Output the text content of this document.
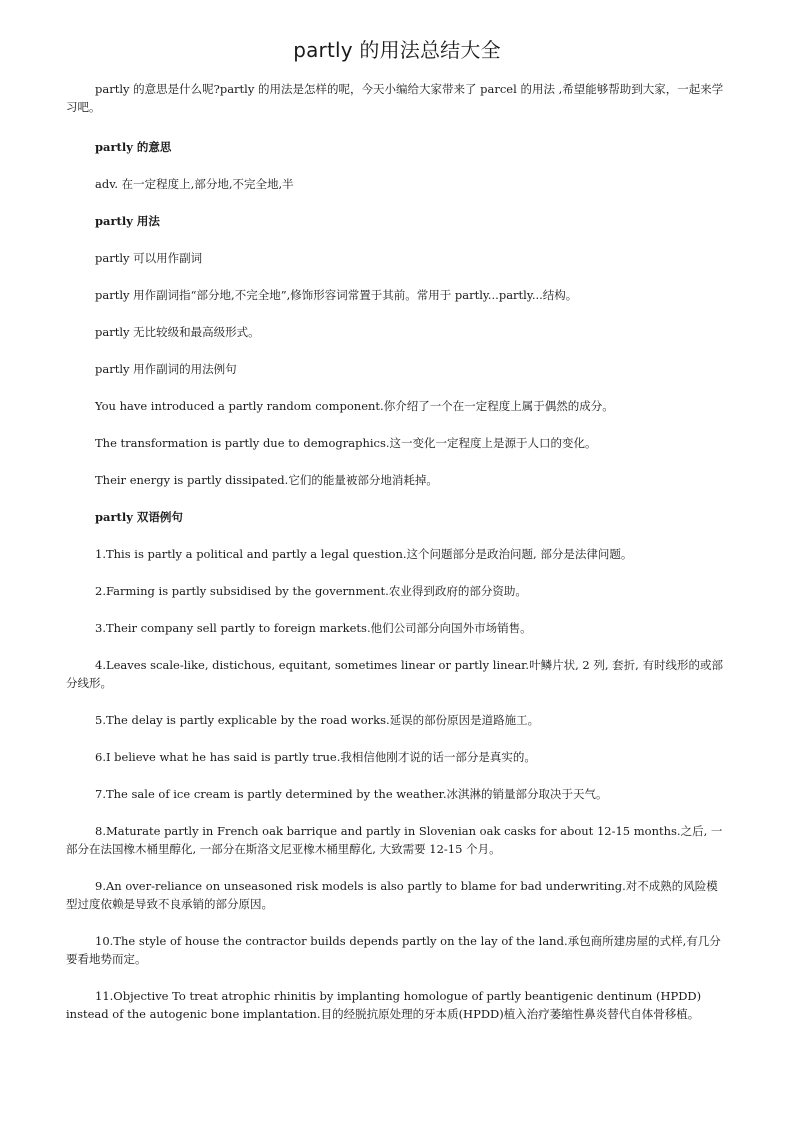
partly 的用法总结大全

partly 的意思是什么呢?partly 的用法是怎样的呢，今天小编给大家带来了 parcel 的用法 ,希望能够帮助到大家，一起来学习吧。

partly 的意思

adv. 在一定程度上,部分地,不完全地,半

partly 用法

partly 可以用作副词

partly 用作副词指“部分地,不完全地”,修饰形容词常置于其前。常用于 partly...partly...结构。

partly 无比较级和最高级形式。

partly 用作副词的用法例句

You have introduced a partly random component.你介绍了一个在一定程度上属于偶然的成分。

The transformation is partly due to demographics.这一变化一定程度上是源于人口的变化。

Their energy is partly dissipated.它们的能量被部分地消耗掉。

partly 双语例句

1.This is partly a political and partly a legal question.这个问题部分是政治问题, 部分是法律问题。

2.Farming is partly subsidised by the government.农业得到政府的部分资助。

3.Their company sell partly to foreign markets.他们公司部分向国外市场销售。

4.Leaves scale-like, distichous, equitant, sometimes linear or partly linear.叶鳞片状, 2 列, 套折, 有时线形的或部分线形。

5.The delay is partly explicable by the road works.延误的部份原因是道路施工。

6.I believe what he has said is partly true.我相信他刚才说的话一部分是真实的。

7.The sale of ice cream is partly determined by the weather.冰淇淋的销量部分取决于天气。

8.Maturate partly in French oak barrique and partly in Slovenian oak casks for about 12-15 months.之后, 一部分在法国橡木桶里醇化, 一部分在斯洛文尼亚橡木桶里醇化, 大致需要 12-15 个月。

9.An over-reliance on unseasoned risk models is also partly to blame for bad underwriting.对不成熟的风险模型过度依赖是导致不良承销的部分原因。

10.The style of house the contractor builds depends partly on the lay of the land.承包商所建房屋的式样,有几分要看地势而定。

11.Objective To treat atrophic rhinitis by implanting homologue of partly beantigenic dentinum (HPDD) instead of the autogenic bone implantation.目的经脱抗原处理的牙本质(HPDD)植入治疗萎缩性鼻炎替代自体骨移植。
